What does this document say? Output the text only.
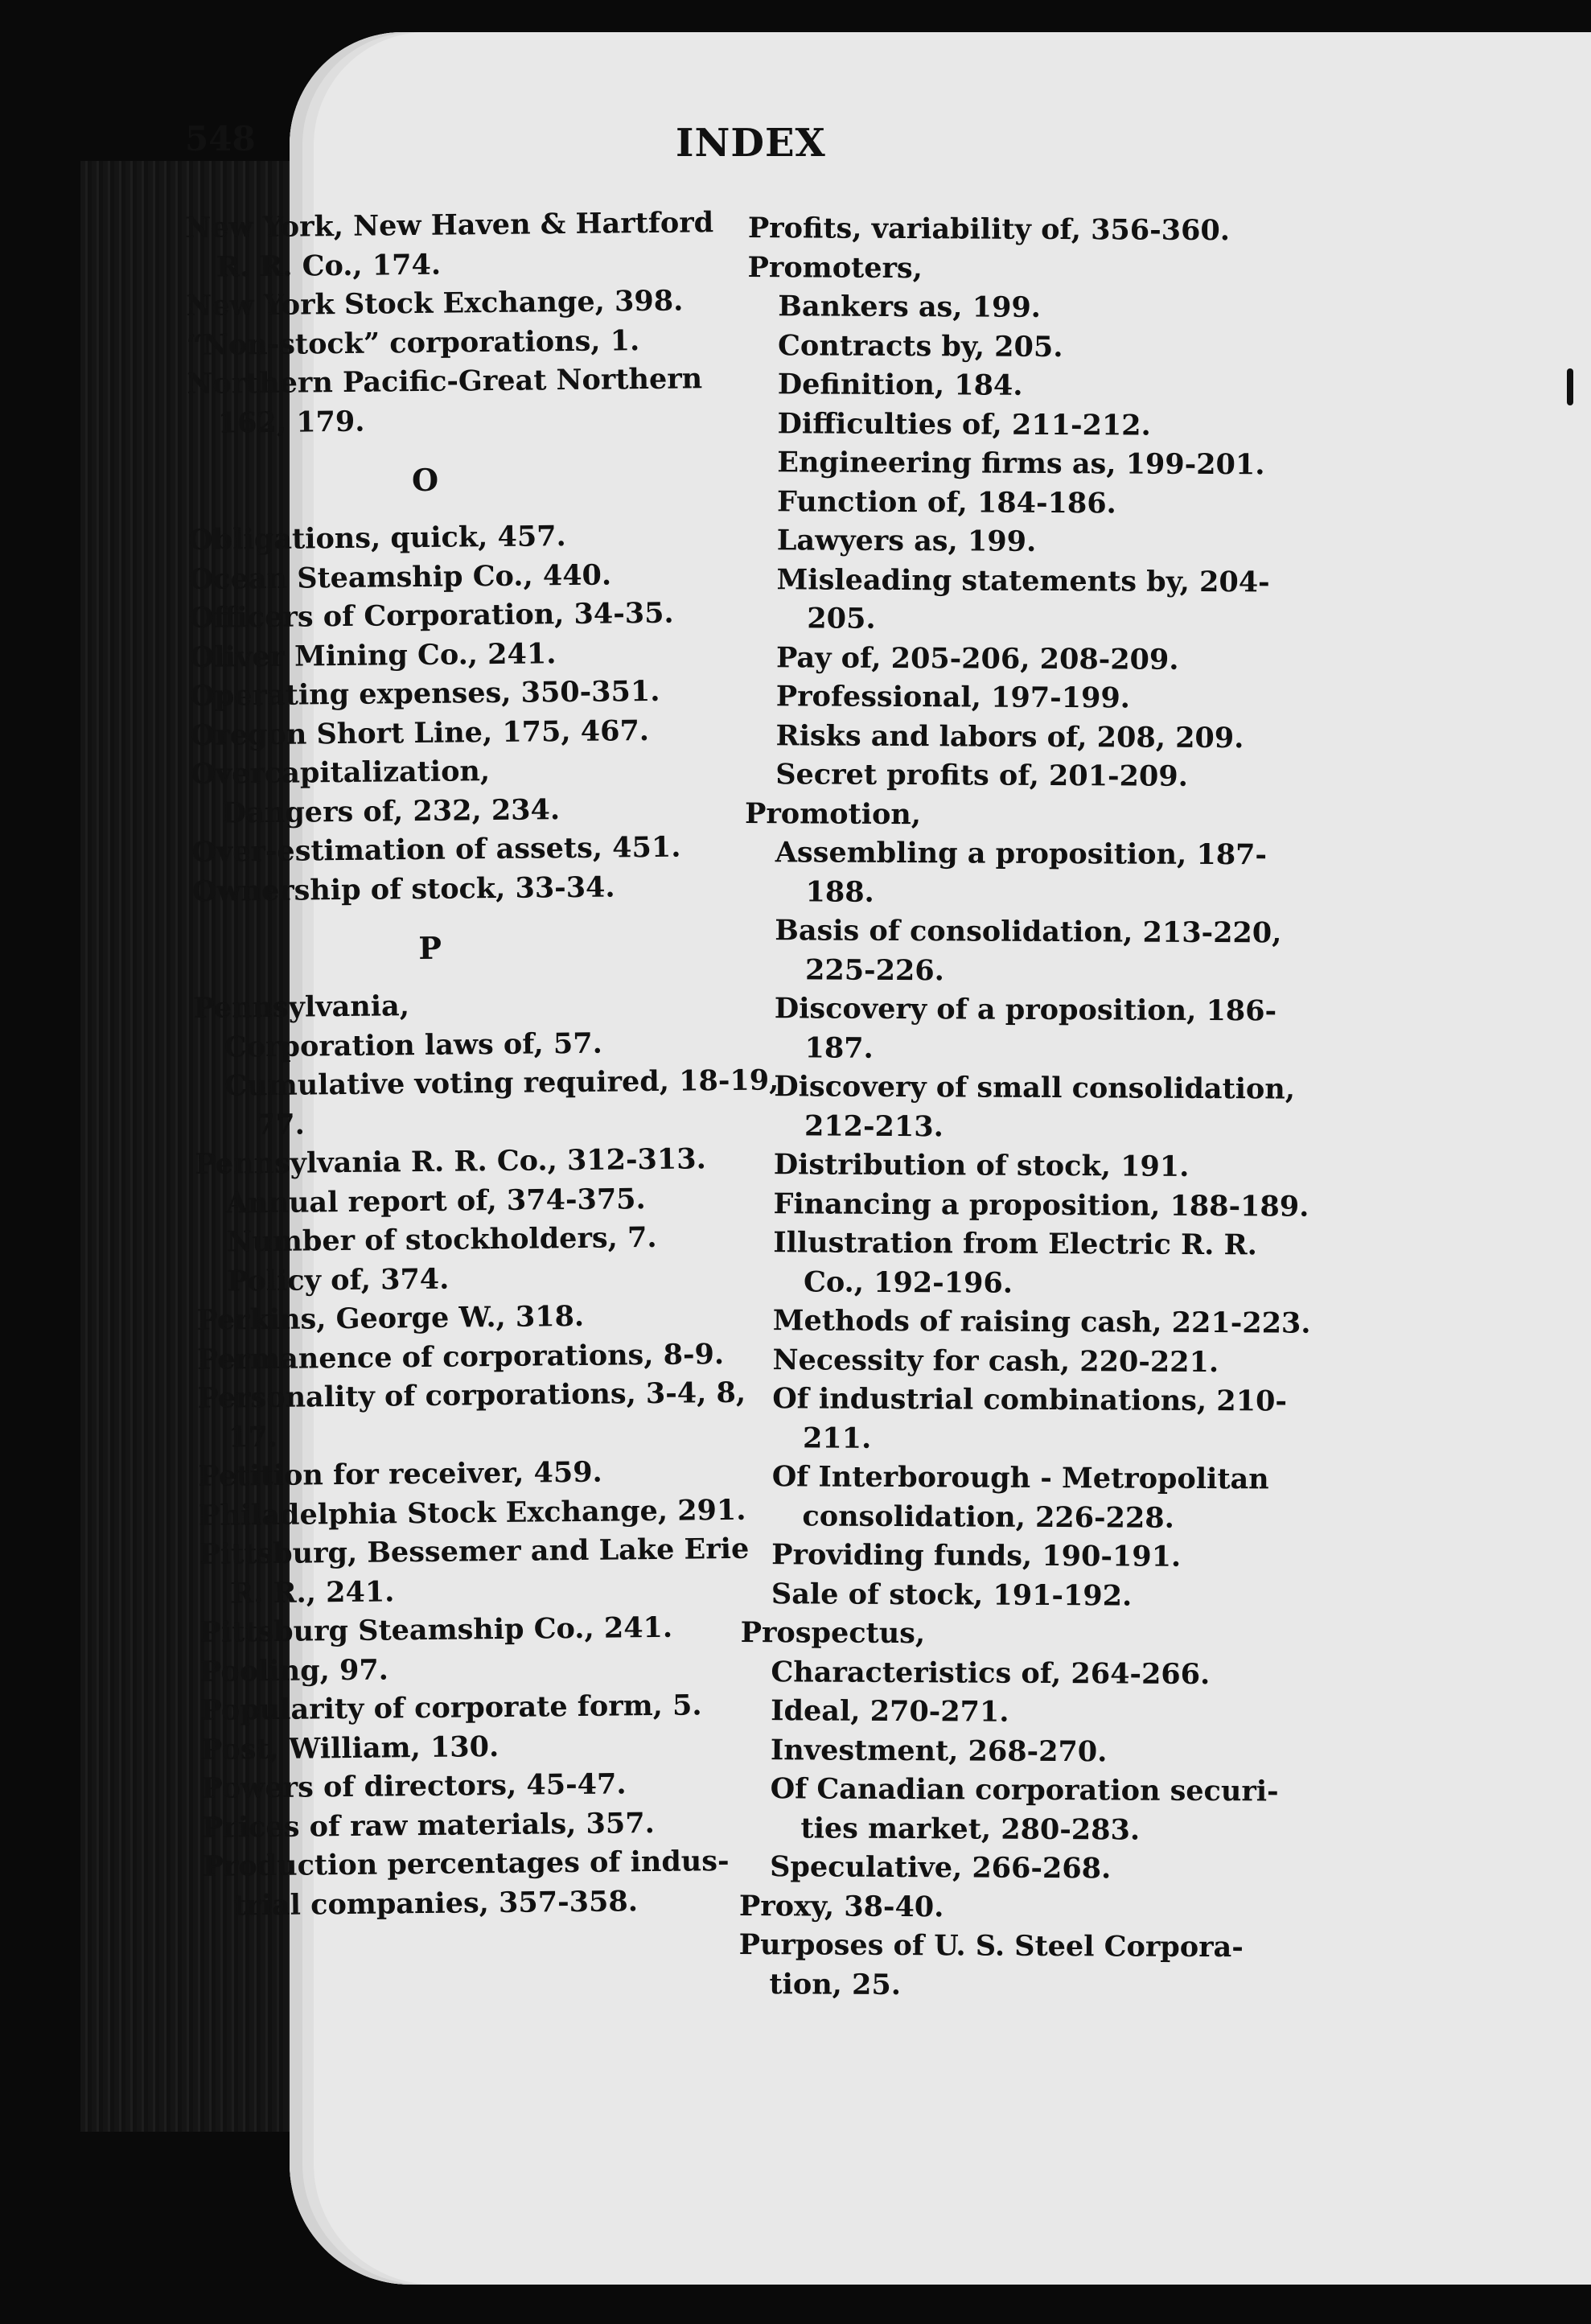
548	INDEX
New York, New Haven & Hartford
R. R. Co., 174.
New York Stock Exchange, 398.
“Non-stock” corporations, 1.
Northern Pacific-Great Northern
162, 179.
O
Obligations, quick, 457.
Ocean Steamship Co., 440.
Officers of Corporation, 34-35.
Oliver Mining Co., 241.
Operating expenses, 350-351.
Oregon Short Line, 175, 467.
Overcapitalization,
Dangers of, 232, 234.
Over-estimation of assets, 451.
Ownership of stock, 33-34.
P
Pennsylvania,
Corporation laws of, 57.
Cumulative voting required, 18-19,
77.
Pennsylvania R. R. Co., 312-313.
Annual report of, 374-375.
Number of stockholders, 7.
Policy of, 374.
Perkins, George W., 318.
Permanence of corporations, 8-9.
Personality of corporations, 3-4, 8,
17.
Petition for receiver, 459.
Philadelphia Stock Exchange, 291.
Pittsburg, Bessemer and Lake Erie
R. R., 241.
Pittsburg Steamship Co., 241.
Pooling, 97.
Popularity of corporate form, 5.
Post, William, 130.
Powers of directors, 45-47.
Prices of raw materials, 357.
Production percentages of indus-
trial companies, 357-358.
Profits, variability of, 356-360.
Promoters,
Bankers as, 199.
Contracts by, 205.
Definition, 184.
Difficulties of, 211-212.
Engineering firms as, 199-201.
Function of, 184-186.
Lawyers as, 199.
Misleading statements by, 204-
205.
Pay of, 205-206, 208-209.
Professional, 197-199.
Risks and labors of, 208, 209.
Secret profits of, 201-209.
Promotion,
Assembling a proposition, 187-
188.
Basis of consolidation, 213-220,
225-226.
Discovery of a proposition, 186-
187.
Discovery of small consolidation,
212-213.
Distribution of stock, 191.
Financing a proposition, 188-189.
Illustration from Electric R. R.
Co., 192-196.
Methods of raising cash, 221-223.
Necessity for cash, 220-221.
Of industrial combinations, 210-
211.
Of Interborough - Metropolitan
consolidation, 226-228.
Providing funds, 190-191.
Sale of stock, 191-192.
Prospectus,
Characteristics of, 264-266.
Ideal, 270-271.
Investment, 268-270.
Of Canadian corporation securi-
ties market, 280-283.
Speculative, 266-268.
Proxy, 38-40.
Purposes of U. S. Steel Corpora-
tion, 25.
